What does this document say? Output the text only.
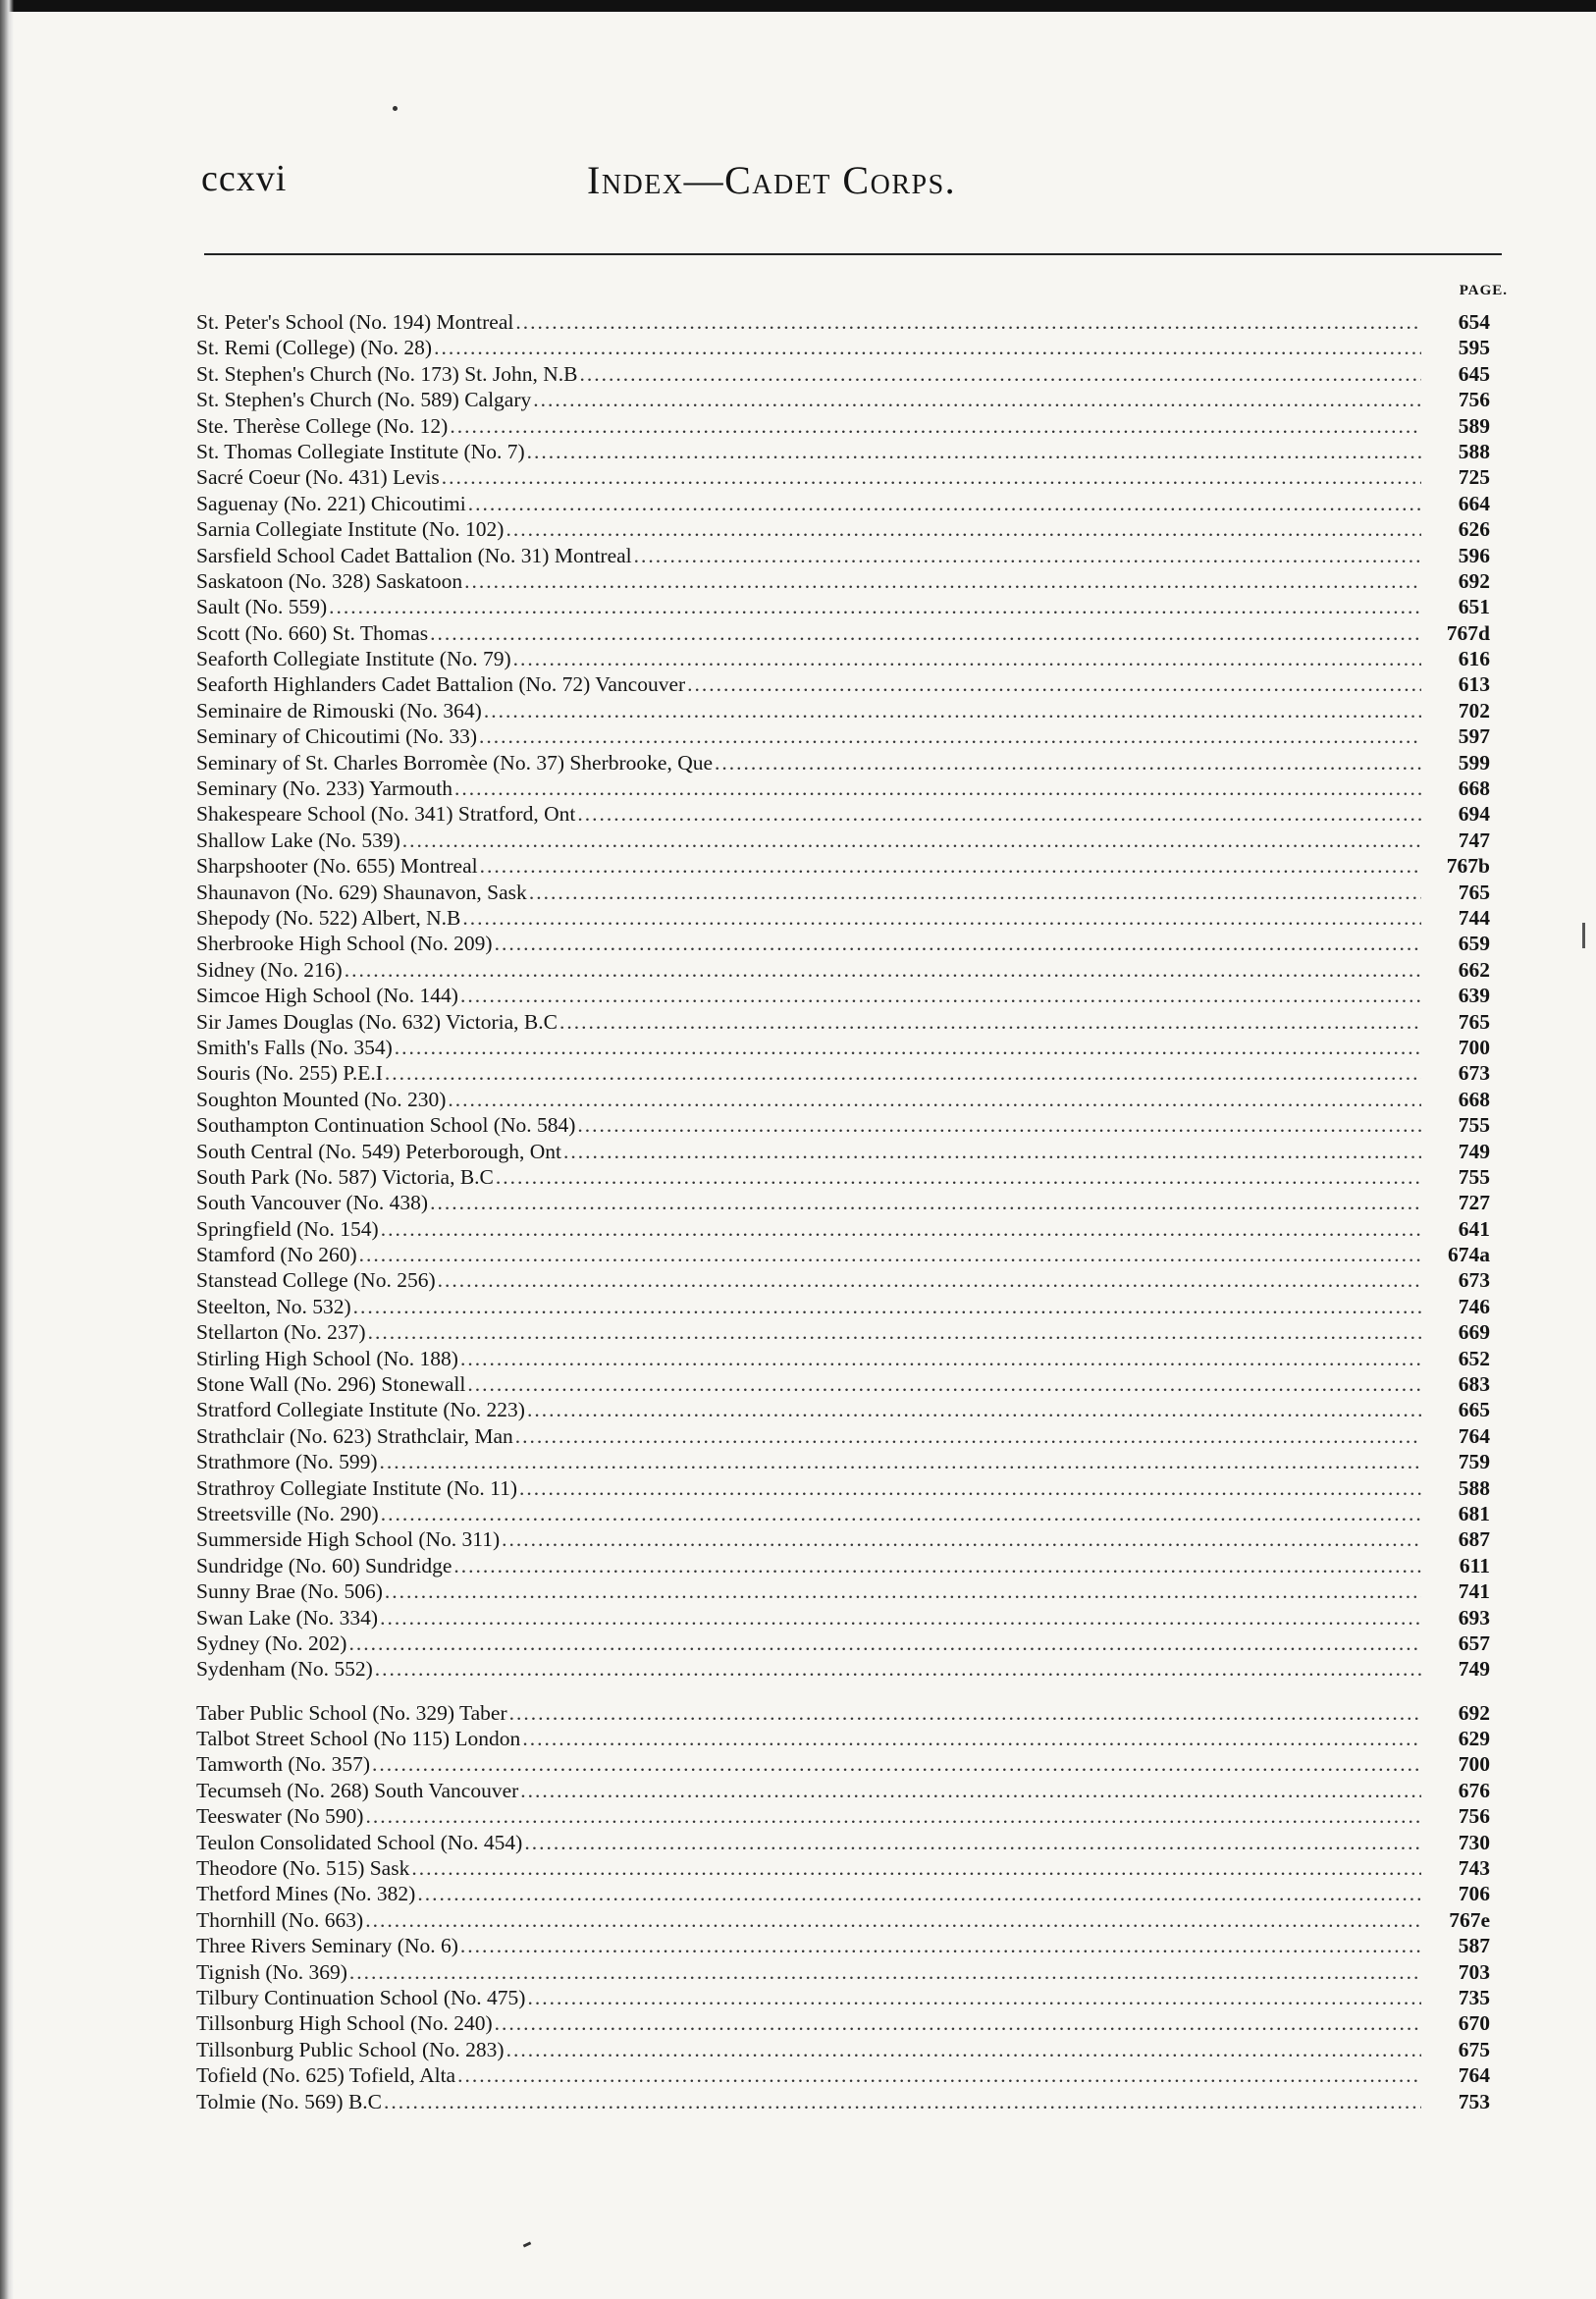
ccxvi	Index—Cadet Corps.
PAGE.
St. Peter's School (No. 194) Montreal .....	654
St. Remi (College) (No. 28) .....	595
St. Stephen's Church (No. 173) St. John, N.B .....	645
St. Stephen's Church (No. 589) Calgary .....	756
Ste. Therèse College (No. 12) .....	589
St. Thomas Collegiate Institute (No. 7) .....	588
Sacré Coeur (No. 431) Levis .....	725
Saguenay (No. 221) Chicoutimi .....	664
Sarnia Collegiate Institute (No. 102) .....	626
Sarsfield School Cadet Battalion (No. 31) Montreal .....	596
Saskatoon (No. 328) Saskatoon .....	692
Sault (No. 559) .....	651
Scott (No. 660) St. Thomas .....	767d
Seaforth Collegiate Institute (No. 79) .....	616
Seaforth Highlanders Cadet Battalion (No. 72) Vancouver .....	613
Seminaire de Rimouski (No. 364) .....	702
Seminary of Chicoutimi (No. 33) .....	597
Seminary of St. Charles Borromèe (No. 37) Sherbrooke, Que .....	599
Seminary (No. 233) Yarmouth .....	668
Shakespeare School (No. 341) Stratford, Ont .....	694
Shallow Lake (No. 539) .....	747
Sharpshooter (No. 655) Montreal .....	767b
Shaunavon (No. 629) Shaunavon, Sask .....	765
Shepody (No. 522) Albert, N.B .....	744
Sherbrooke High School (No. 209) .....	659
Sidney (No. 216) .....	662
Simcoe High School (No. 144) .....	639
Sir James Douglas (No. 632) Victoria, B.C .....	765
Smith's Falls (No. 354) .....	700
Souris (No. 255) P.E.I .....	673
Soughton Mounted (No. 230) .....	668
Southampton Continuation School (No. 584) .....	755
South Central (No. 549) Peterborough, Ont .....	749
South Park (No. 587) Victoria, B.C .....	755
South Vancouver (No. 438) .....	727
Springfield (No. 154) .....	641
Stamford (No 260) .....	674a
Stanstead College (No. 256) .....	673
Steelton, No. 532) .....	746
Stellarton (No. 237) .....	669
Stirling High School (No. 188) .....	652
Stone Wall (No. 296) Stonewall .....	683
Stratford Collegiate Institute (No. 223) .....	665
Strathclair (No. 623) Strathclair, Man .....	764
Strathmore (No. 599) .....	759
Strathroy Collegiate Institute (No. 11) .....	588
Streetsville (No. 290) .....	681
Summerside High School (No. 311) .....	687
Sundridge (No. 60) Sundridge .....	611
Sunny Brae (No. 506) .....	741
Swan Lake (No. 334) .....	693
Sydney (No. 202) .....	657
Sydenham (No. 552) .....	749
Taber Public School (No. 329) Taber .....	692
Talbot Street School (No 115) London .....	629
Tamworth (No. 357) .....	700
Tecumseh (No. 268) South Vancouver .....	676
Teeswater (No 590) .....	756
Teulon Consolidated School (No. 454) .....	730
Theodore (No. 515) Sask .....	743
Thetford Mines (No. 382) .....	706
Thornhill (No. 663) .....	767e
Three Rivers Seminary (No. 6) .....	587
Tignish (No. 369) .....	703
Tilbury Continuation School (No. 475) .....	735
Tillsonburg High School (No. 240) .....	670
Tillsonburg Public School (No. 283) .....	675
Tofield (No. 625) Tofield, Alta .....	764
Tolmie (No. 569) B.C .....	753
